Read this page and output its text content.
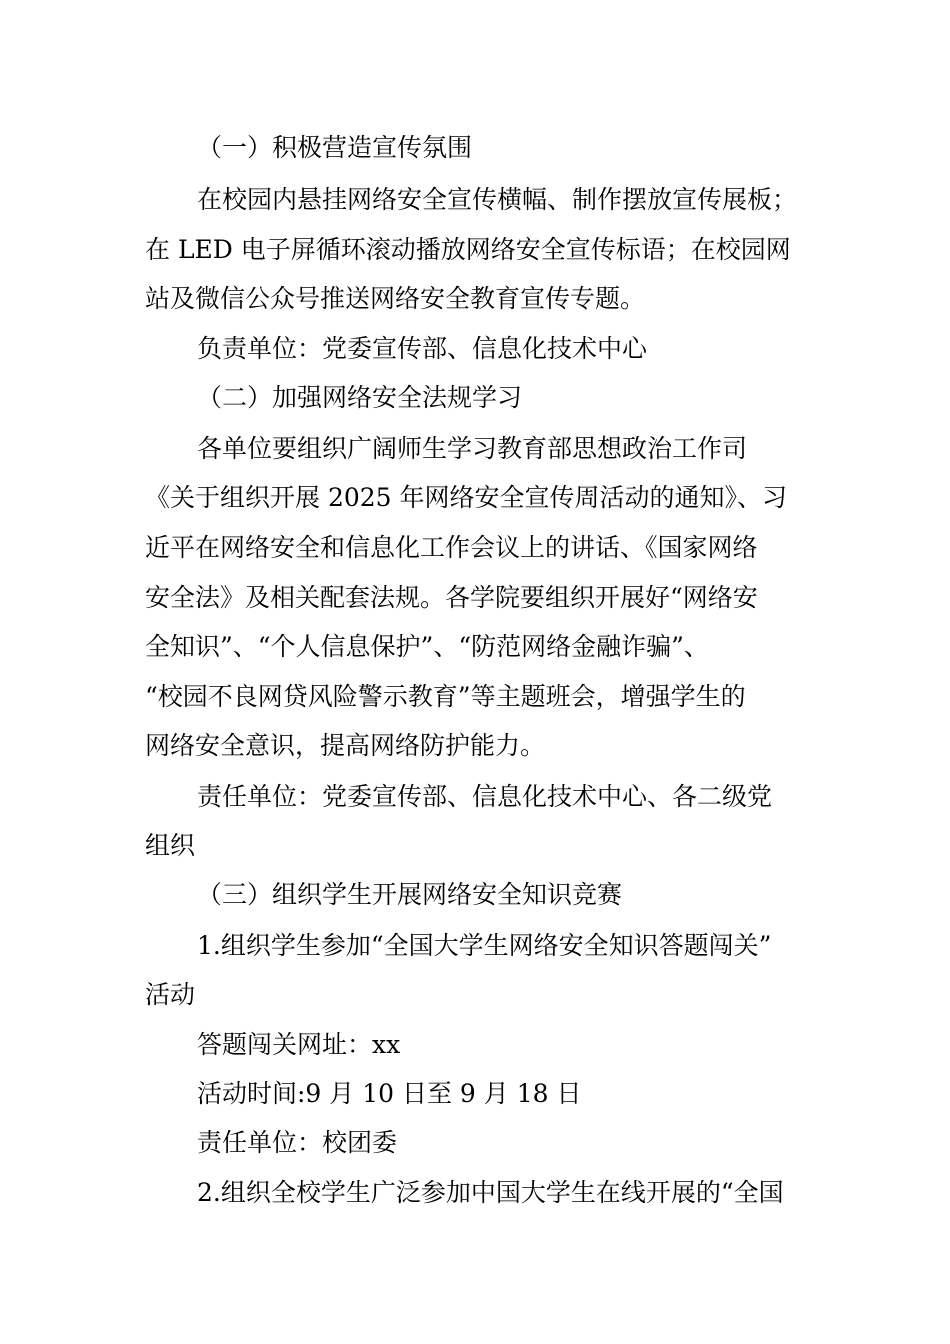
（一）积极营造宣传氛围
在校园内悬挂网络安全宣传横幅、制作摆放宣传展板；
在 LED 电子屏循环滚动播放网络安全宣传标语；在校园网
站及微信公众号推送网络安全教育宣传专题。
负责单位：党委宣传部、信息化技术中心
（二）加强网络安全法规学习
各单位要组织广阔师生学习教育部思想政治工作司
《关于组织开展 2025 年网络安全宣传周活动的通知》、习
近平在网络安全和信息化工作会议上的讲话、《国家网络
安全法》及相关配套法规。各学院要组织开展好“网络安
全知识”、“个人信息保护”、“防范网络金融诈骗”、
“校园不良网贷风险警示教育”等主题班会，增强学生的
网络安全意识，提高网络防护能力。
责任单位：党委宣传部、信息化技术中心、各二级党
组织
（三）组织学生开展网络安全知识竞赛
1.组织学生参加“全国大学生网络安全知识答题闯关”
活动
答题闯关网址：xx
活动时间:9 月 10 日至 9 月 18 日
责任单位：校团委
2.组织全校学生广泛参加中国大学生在线开展的“全国
